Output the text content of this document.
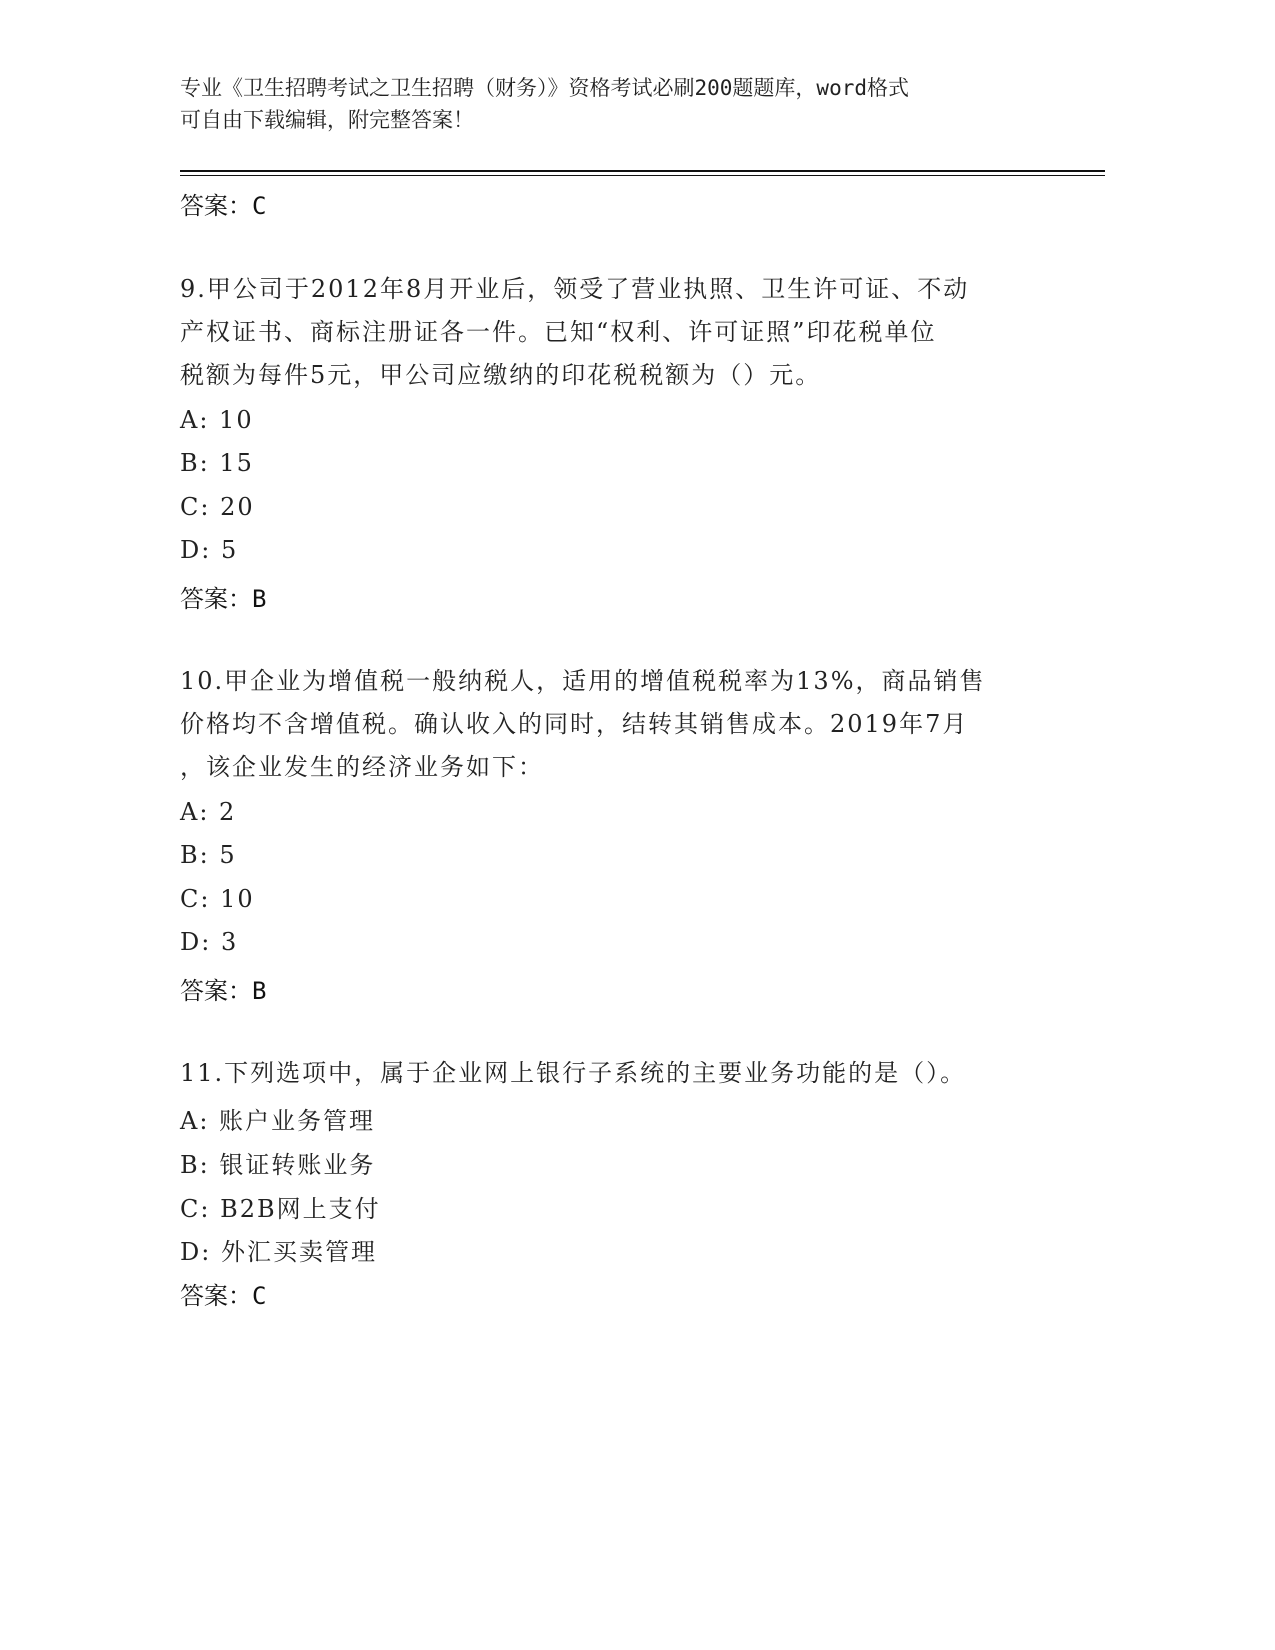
专业《卫生招聘考试之卫生招聘（财务）》资格考试必刷200题题库，word格式
可自由下载编辑，附完整答案！
答案：C
9.甲公司于2012年8月开业后，领受了营业执照、卫生许可证、不动
产权证书、商标注册证各一件。已知“权利、许可证照”印花税单位
税额为每件5元，甲公司应缴纳的印花税税额为（）元。
A: 10
B: 15
C: 20
D: 5
答案：B
10.甲企业为增值税一般纳税人，适用的增值税税率为13%，商品销售
价格均不含增值税。确认收入的同时，结转其销售成本。2019年7月
，该企业发生的经济业务如下：
A: 2
B: 5
C: 10
D: 3
答案：B
11.下列选项中，属于企业网上银行子系统的主要业务功能的是（）。
A: 账户业务管理
B: 银证转账业务
C: B2B网上支付
D: 外汇买卖管理
答案：C
